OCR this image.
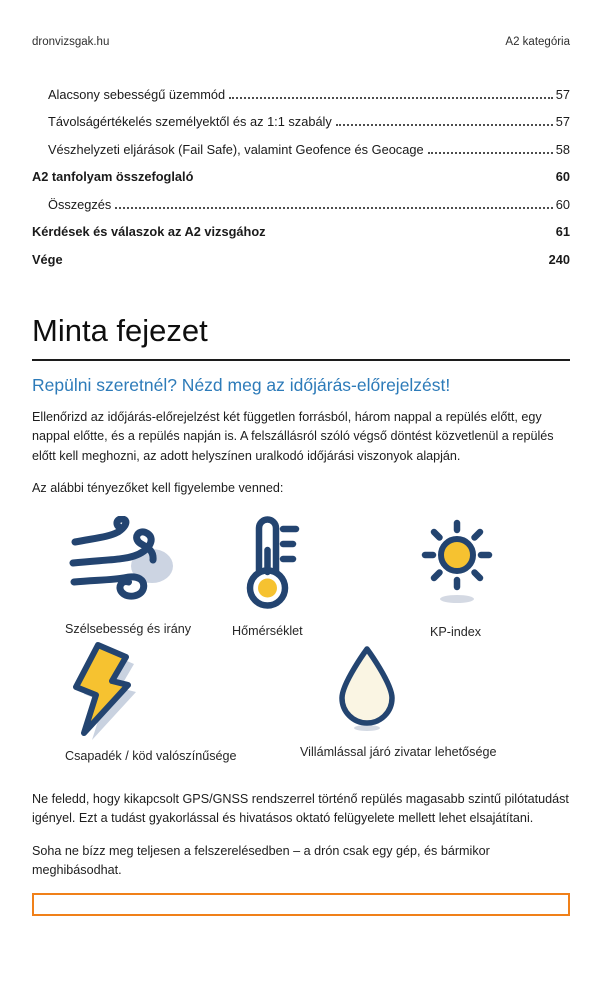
dronvizsgak.hu	A2 kategória
Alacsony sebességű üzemmód	57
Távolságértékelés személyektől és az 1:1 szabály	57
Vészhelyzeti eljárások (Fail Safe), valamint Geofence és Geocage	58
A2 tanfolyam összefoglaló	60
Összegzés	60
Kérdések és válaszok az A2 vizsgához	61
Vége	240
Minta fejezet
Repülni szeretnél? Nézd meg az időjárás-előrejelzést!

Ellenőrizd az időjárás-előrejelzést két független forrásból, három nappal a repülés előtt, egy nappal előtte, és a repülés napján is. A felszállásról szóló végső döntést közvetlenül a repülés előtt kell meghozni, az adott helyszínen uralkodó időjárási viszonyok alapján.

Az alábbi tényezőket kell figyelembe venned:

Szélsebesség és irány	Hőmérséklet	KP-index
Csapadék / köd valószínűsége	Villámlással járó zivatar lehetősége

Ne feledd, hogy kikapcsolt GPS/GNSS rendszerrel történő repülés magasabb szintű pilótatudást igényel. Ezt a tudást gyakorlással és hivatásos oktató felügyelete mellett lehet elsajátítani.

Soha ne bízz meg teljesen a felszerelésedben – a drón csak egy gép, és bármikor meghibásodhat.
